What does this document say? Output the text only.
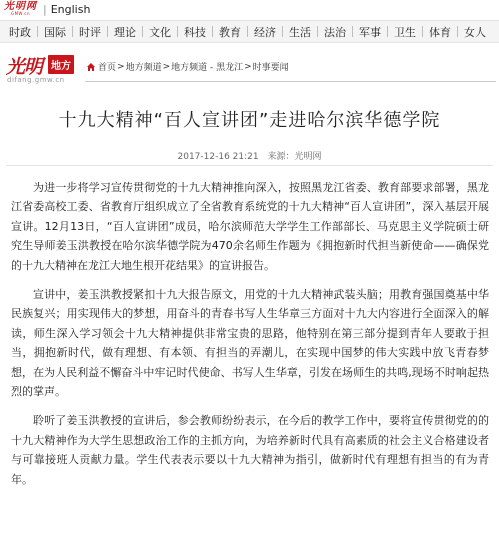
光明网
GMW.cn | English
时政	国际	时评	理论	文化	科技	教育	经济	生活	法治	军事	卫生	体育	女人
光明 地方
difang.gmw.cn
首页 > 地方频道 > 地方频道 - 黑龙江 > 时事要闻
十九大精神“百人宣讲团”走进哈尔滨华德学院
2017-12-16 21:21 来源：光明网

为进一步将学习宣传贯彻党的十九大精神推向深入，按照黑龙江省委、教育部要求部署，黑龙江省委高校工委、省教育厅组织成立了全省教育系统党的十九大精神“百人宣讲团”，深入基层开展宣讲。12月13日，“百人宣讲团”成员，哈尔滨师范大学学生工作部部长、马克思主义学院硕士研究生导师姜玉洪教授在哈尔滨华德学院为470余名师生作题为《拥抱新时代担当新使命——确保党的十九大精神在龙江大地生根开花结果》的宣讲报告。

宣讲中，姜玉洪教授紧扣十九大报告原文，用党的十九大精神武装头脑；用教育强国奠基中华民族复兴；用实现伟大的梦想，用奋斗的青春书写人生华章三方面对十九大内容进行全面深入的解读，师生深入学习领会十九大精神提供非常宝贵的思路，他特别在第三部分提到青年人要敢于担当，拥抱新时代，做有理想、有本领、有担当的弄潮儿，在实现中国梦的伟大实践中放飞青春梦想，在为人民利益不懈奋斗中牢记时代使命、书写人生华章，引发在场师生的共鸣,现场不时响起热烈的掌声。

聆听了姜玉洪教授的宣讲后，参会教师纷纷表示，在今后的教学工作中，要将宣传贯彻党的的十九大精神作为大学生思想政治工作的主抓方向，为培养新时代具有高素质的社会主义合格建设者与可靠接班人贡献力量。学生代表表示要以十九大精神为指引，做新时代有理想有担当的有为青年。
